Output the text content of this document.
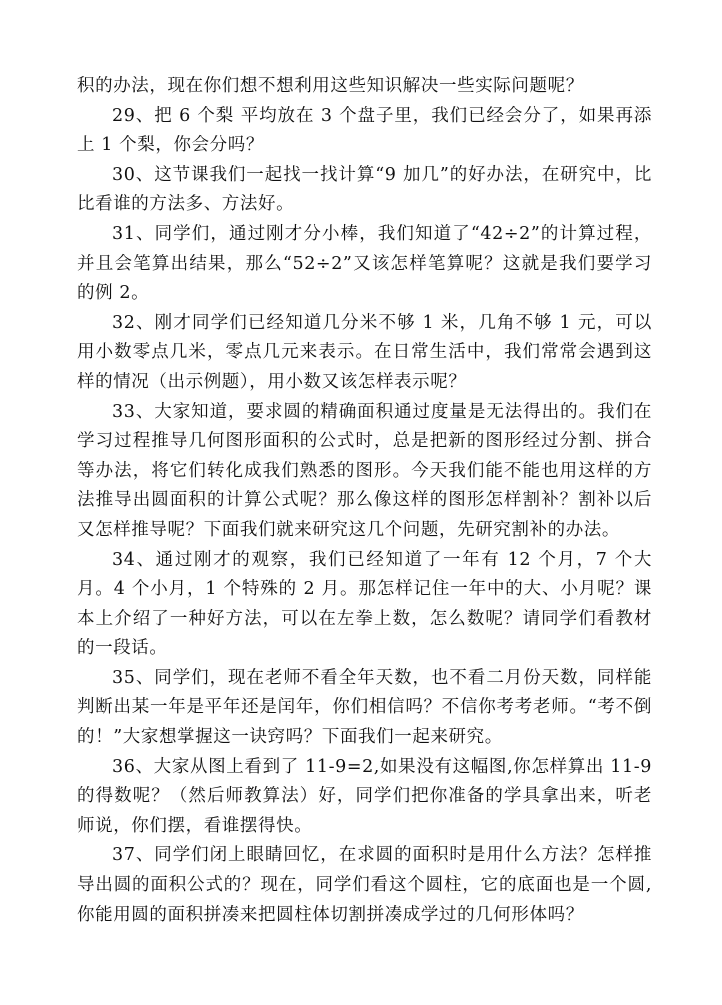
积的办法，现在你们想不想利用这些知识解决一些实际问题呢？

29、把 6 个梨 平均放在 3 个盘子里，我们已经会分了，如果再添上 1 个梨，你会分吗？

30、这节课我们一起找一找计算“9 加几”的好办法，在研究中，比比看谁的方法多、方法好。

31、同学们，通过刚才分小棒，我们知道了“42÷2”的计算过程，并且会笔算出结果，那么“52÷2”又该怎样笔算呢？这就是我们要学习的例 2。

32、刚才同学们已经知道几分米不够 1 米，几角不够 1 元，可以用小数零点几米，零点几元来表示。在日常生活中，我们常常会遇到这样的情况（出示例题），用小数又该怎样表示呢？

33、大家知道，要求圆的精确面积通过度量是无法得出的。我们在学习过程推导几何图形面积的公式时，总是把新的图形经过分割、拼合等办法，将它们转化成我们熟悉的图形。今天我们能不能也用这样的方法推导出圆面积的计算公式呢？那么像这样的图形怎样割补？割补以后又怎样推导呢？下面我们就来研究这几个问题，先研究割补的办法。

34、通过刚才的观察，我们已经知道了一年有 12 个月，7 个大月。4 个小月，1 个特殊的 2 月。那怎样记住一年中的大、小月呢？课本上介绍了一种好方法，可以在左拳上数，怎么数呢？请同学们看教材的一段话。

35、同学们，现在老师不看全年天数，也不看二月份天数，同样能判断出某一年是平年还是闰年，你们相信吗？不信你考考老师。“考不倒的！”大家想掌握这一诀窍吗？下面我们一起来研究。

36、大家从图上看到了 11-9=2,如果没有这幅图,你怎样算出 11-9 的得数呢？（然后师教算法）好，同学们把你准备的学具拿出来，听老师说，你们摆，看谁摆得快。

37、同学们闭上眼睛回忆，在求圆的面积时是用什么方法？怎样推导出圆的面积公式的？现在，同学们看这个圆柱，它的底面也是一个圆,你能用圆的面积拼凑来把圆柱体切割拼凑成学过的几何形体吗？
